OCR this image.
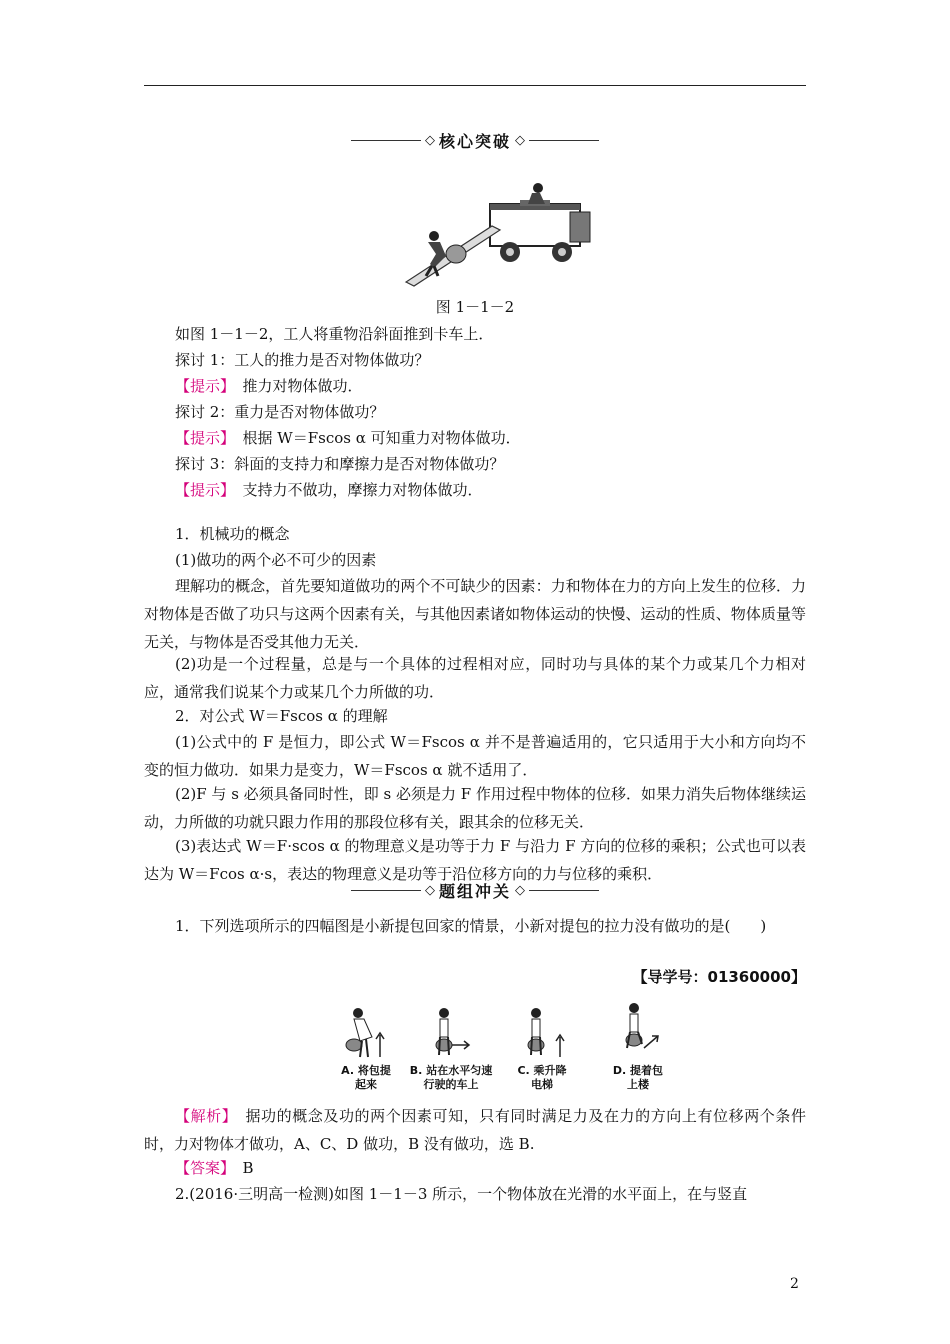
◇ 核心突破 ◇
图 1－1－2
如图 1－1－2，工人将重物沿斜面推到卡车上．
探讨 1：工人的推力是否对物体做功？
【提示】　 推力对物体做功．
探讨 2：重力是否对物体做功？
【提示】　 根据 W＝Fscos α 可知重力对物体做功．
探讨 3：斜面的支持力和摩擦力是否对物体做功？
【提示】　 支持力不做功，摩擦力对物体做功．
1．机械功的概念
(1)做功的两个必不可少的因素
理解功的概念，首先要知道做功的两个不可缺少的因素：力和物体在力的方向上发生的位移．力对物体是否做了功只与这两个因素有关，与其他因素诸如物体运动的快慢、运动的性质、物体质量等无关，与物体是否受其他力无关．
(2)功是一个过程量，总是与一个具体的过程相对应，同时功与具体的某个力或某几个力相对应，通常我们说某个力或某几个力所做的功．
2．对公式 W＝Fscos α 的理解
(1)公式中的 F 是恒力，即公式 W＝Fscos α 并不是普遍适用的，它只适用于大小和方向均不变的恒力做功．如果力是变力，W＝Fscos α 就不适用了．
(2)F 与 s 必须具备同时性，即 s 必须是力 F 作用过程中物体的位移．如果力消失后物体继续运动，力所做的功就只跟力作用的那段位移有关，跟其余的位移无关．
(3)表达式 W＝F·scos α 的物理意义是功等于力 F 与沿力 F 方向的位移的乘积；公式也可以表达为 W＝Fcos α·s，表达的物理意义是功等于沿位移方向的力与位移的乘积．
◇ 题组冲关 ◇
1．下列选项所示的四幅图是小新提包回家的情景，小新对提包的拉力没有做功的是(　　)
【导学号：01360000】
A. 将包提
起来
B. 站在水平匀速
行驶的车上
C. 乘升降
电梯
D. 提着包
上楼
【解析】　 据功的概念及功的两个因素可知，只有同时满足力及在力的方向上有位移两个条件时，力对物体才做功，A、C、D 做功，B 没有做功，选 B.
【答案】　 B
2.(2016·三明高一检测)如图 1－1－3 所示，一个物体放在光滑的水平面上，在与竖直
2
